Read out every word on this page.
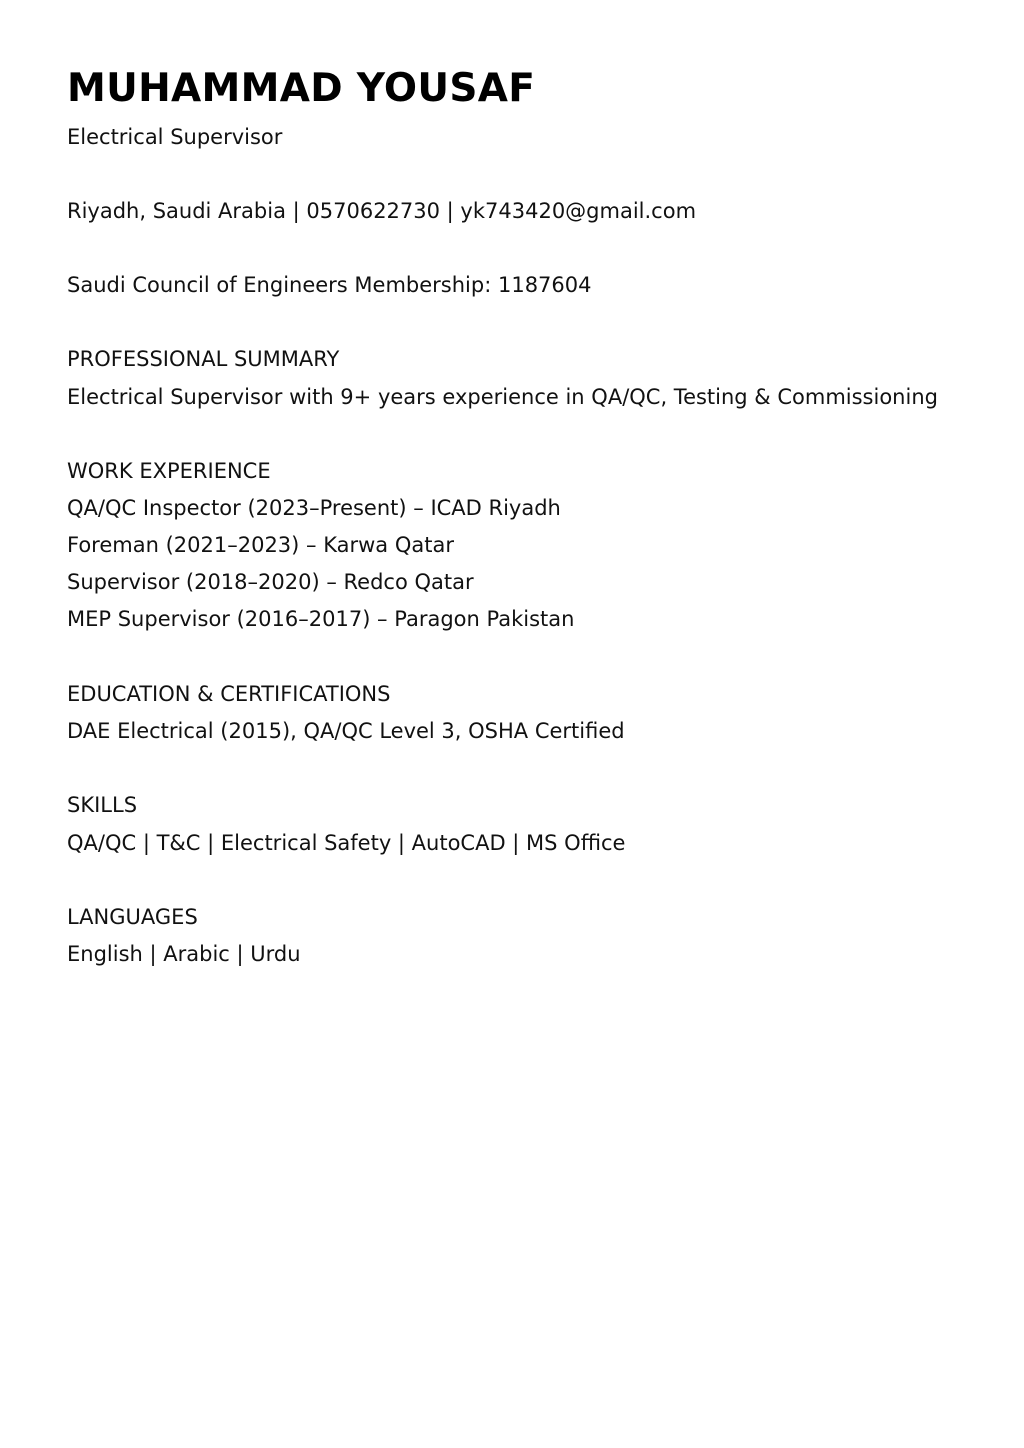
MUHAMMAD YOUSAF
Electrical Supervisor
Riyadh, Saudi Arabia | 0570622730 | yk743420@gmail.com
Saudi Council of Engineers Membership: 1187604
PROFESSIONAL SUMMARY
Electrical Supervisor with 9+ years experience in QA/QC, Testing & Commissioning
WORK EXPERIENCE
QA/QC Inspector (2023–Present) – ICAD Riyadh
Foreman (2021–2023) – Karwa Qatar
Supervisor (2018–2020) – Redco Qatar
MEP Supervisor (2016–2017) – Paragon Pakistan
EDUCATION & CERTIFICATIONS
DAE Electrical (2015), QA/QC Level 3, OSHA Certified
SKILLS
QA/QC | T&C | Electrical Safety | AutoCAD | MS Office
LANGUAGES
English | Arabic | Urdu
